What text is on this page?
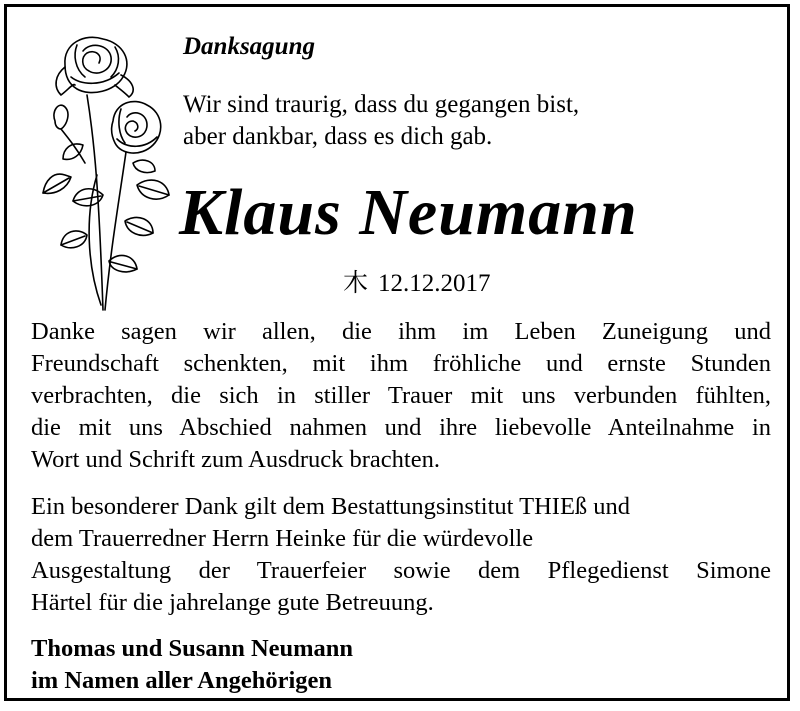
Danksagung
Wir sind traurig, dass du gegangen bist,
aber dankbar, dass es dich gab.
Klaus Neumann
木 12.12.2017
Danke sagen wir allen, die ihm im Leben Zuneigung und
Freundschaft schenkten, mit ihm fröhliche und ernste Stunden
verbrachten, die sich in stiller Trauer mit uns verbunden fühlten,
die mit uns Abschied nahmen und ihre liebevolle Anteilnahme in
Wort und Schrift zum Ausdruck brachten.
Ein besonderer Dank gilt dem Bestattungsinstitut THIEß und
dem Trauerredner Herrn Heinke für die würdevolle
Ausgestaltung der Trauerfeier sowie dem Pflegedienst Simone
Härtel für die jahrelange gute Betreuung.
Thomas und Susann Neumann
im Namen aller Angehörigen
